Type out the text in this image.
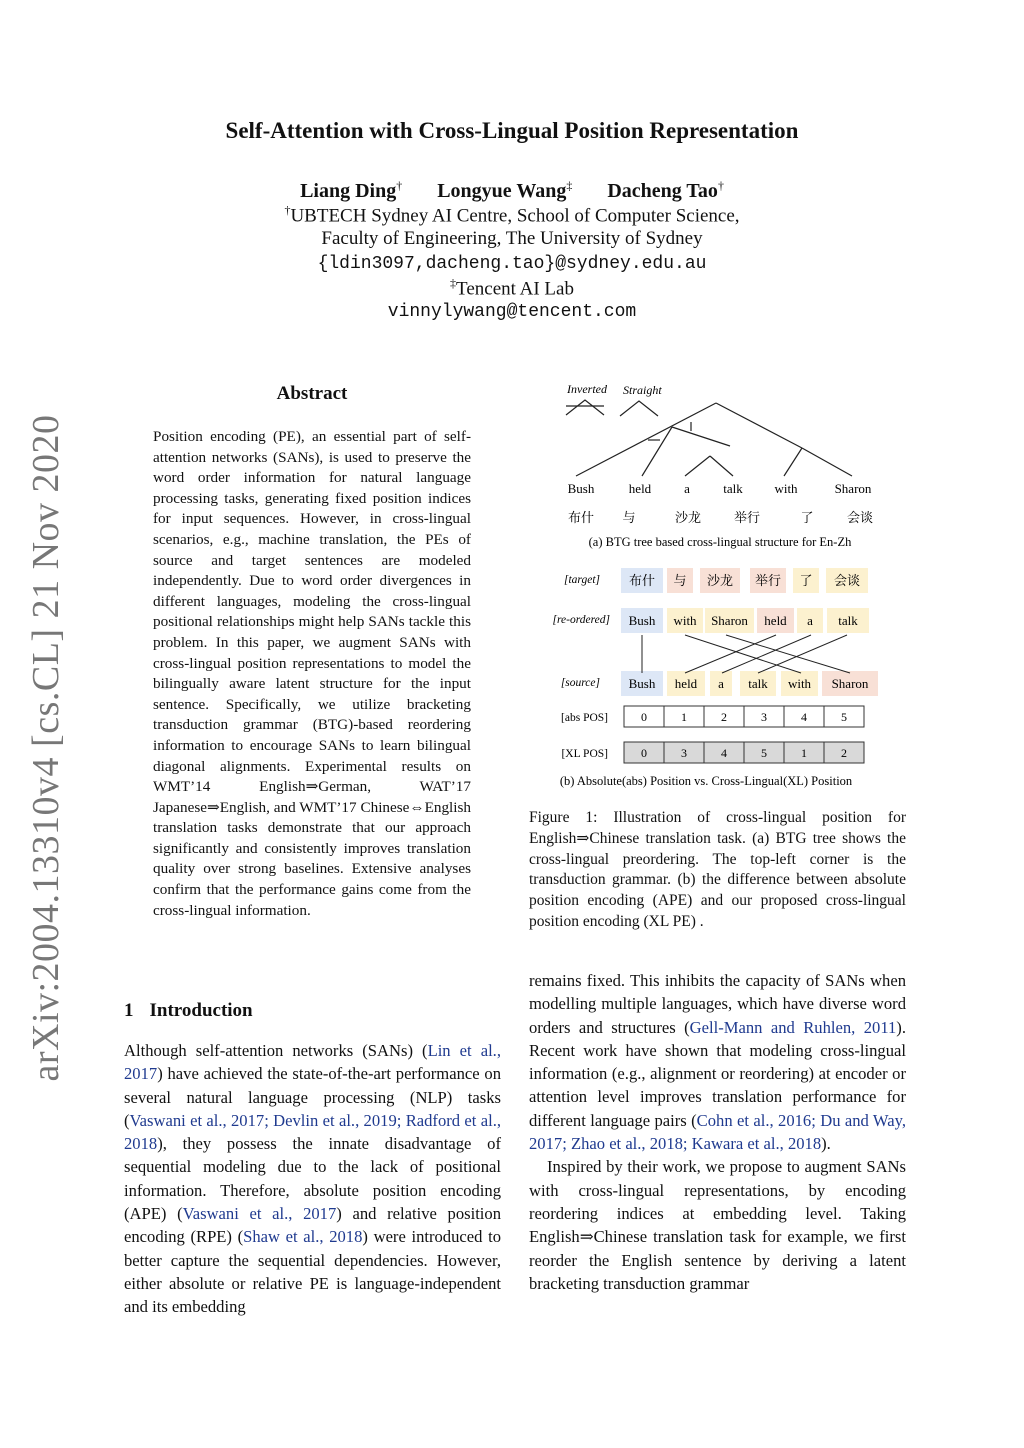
arXiv:2004.13310v4 [cs.CL] 21 Nov 2020
Self-Attention with Cross-Lingual Position Representation
Liang Ding† Longyue Wang‡ Dacheng Tao†
†UBTECH Sydney AI Centre, School of Computer Science,
Faculty of Engineering, The University of Sydney
{ldin3097,dacheng.tao}@sydney.edu.au
‡Tencent AI Lab
vinnylywang@tencent.com
Abstract
Position encoding (PE), an essential part of self-attention networks (SANs), is used to preserve the word order information for natural language processing tasks, generating fixed position indices for input sequences. However, in cross-lingual scenarios, e.g., machine translation, the PEs of source and target sentences are modeled independently. Due to word order divergences in different languages, modeling the cross-lingual positional relationships might help SANs tackle this problem. In this paper, we augment SANs with cross-lingual position representations to model the bilingually aware latent structure for the input sentence. Specifically, we utilize bracketing transduction grammar (BTG)-based reordering information to encourage SANs to learn bilingual diagonal alignments. Experimental results on WMT’14 English⇒German, WAT’17 Japanese⇒English, and WMT’17 Chinese⇔English translation tasks demonstrate that our approach significantly and consistently improves translation quality over strong baselines. Extensive analyses confirm that the performance gains come from the cross-lingual information.
1 Introduction

Although self-attention networks (SANs) (Lin et al., 2017) have achieved the state-of-the-art performance on several natural language processing (NLP) tasks (Vaswani et al., 2017; Devlin et al., 2019; Radford et al., 2018), they possess the innate disadvantage of sequential modeling due to the lack of positional information. Therefore, absolute position encoding (APE) (Vaswani et al., 2017) and relative position encoding (RPE) (Shaw et al., 2018) were introduced to better capture the sequential dependencies. However, either absolute or relative PE is language-independent and its embedding

remains fixed. This inhibits the capacity of SANs when modelling multiple languages, which have diverse word orders and structures (Gell-Mann and Ruhlen, 2011). Recent work have shown that modeling cross-lingual information (e.g., alignment or reordering) at encoder or attention level improves translation performance for different language pairs (Cohn et al., 2016; Du and Way, 2017; Zhao et al., 2018; Kawara et al., 2018).

Inspired by their work, we propose to augment SANs with cross-lingual representations, by encoding reordering indices at embedding level. Taking English⇒Chinese translation task for example, we first reorder the English sentence by deriving a latent bracketing transduction grammar

Inverted Straight
Bush	held	a	talk with	Sharon
布什 与	沙龙	举行	了	会谈
(a) BTG tree based cross-lingual structure for En-Zh
[target]
[re-ordered]
[source]
布什 与 沙龙 举行 了 会谈
Bush with Sharon held a talk
Bush held a talk with Sharon
[abs POS]
[XL POS]
0	1	2	3	4	5
0	3	4	5	1	2
(b) Absolute(abs) Position vs. Cross-Lingual(XL) Position
Figure 1: Illustration of cross-lingual position for English⇒Chinese translation task. (a) BTG tree shows the cross-lingual preordering. The top-left corner is the transduction grammar. (b) the difference between absolute position encoding (APE) and our proposed cross-lingual position encoding (XL PE) .
